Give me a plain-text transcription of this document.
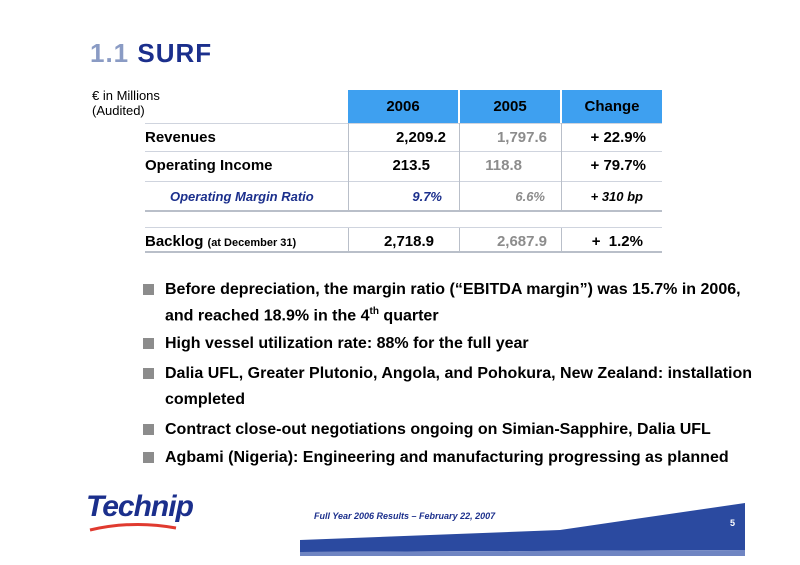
1.1 SURF
€ in Millions
(Audited)	2006	2005	Change
Revenues	2,209.2	1,797.6	+ 22.9%
Operating Income	213.5	118.8	+ 79.7%
Operating Margin Ratio	9.7%	6.6%	+ 310 bp
Backlog (at December 31)	2,718.9	2,687.9	+  1.2%
Before depreciation, the margin ratio (“EBITDA margin”) was 15.7% in 2006, and reached 18.9% in the 4th quarter
High vessel utilization rate: 88% for the full year
Dalia UFL, Greater Plutonio, Angola, and Pohokura, New Zealand: installation completed
Contract close-out negotiations ongoing on Simian-Sapphire, Dalia UFL
Agbami (Nigeria): Engineering and manufacturing progressing as planned
Technip	Full Year 2006 Results – February 22, 2007
5
